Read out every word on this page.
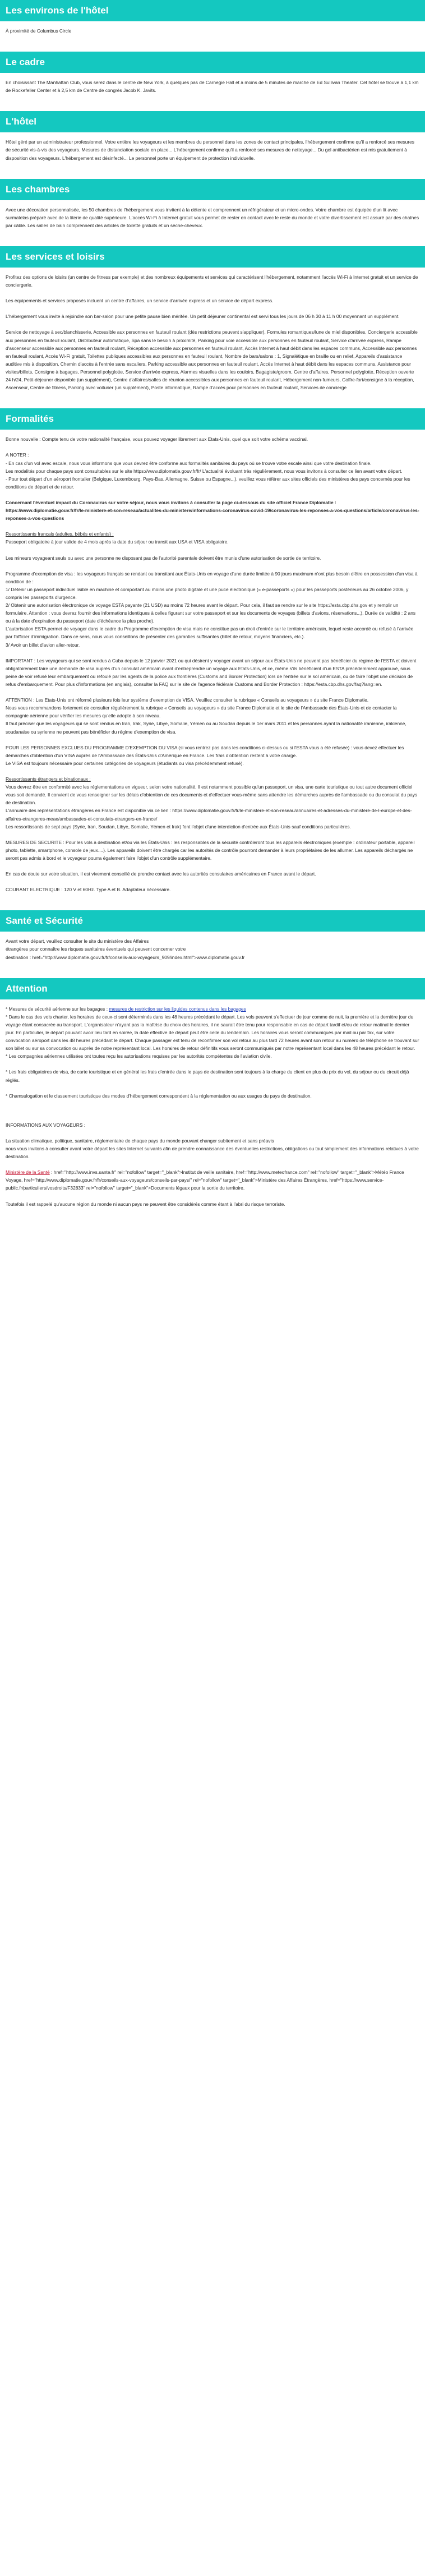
Les environs de l'hôtel

À proximité de Columbus Circle

Le cadre

En choisissant The Manhattan Club, vous serez dans le centre de New York, à quelques pas de Carnegie Hall et à moins de 5 minutes de marche de Ed Sullivan Theater. Cet hôtel se trouve à 1,1 km de Rockefeller Center et à 2,5 km de Centre de congrès Jacob K. Javits.

L'hôtel

Hôtel géré par un administrateur professionnel. Votre entière les voyageurs et les membres du personnel dans les zones de contact principales, l'hébergement confirme qu'il a renforcé ses mesures de sécurité vis-à-vis des voyageurs. Mesures de distanciation sociale en place... L'hébergement confirme qu'il a renforcé ses mesures de nettoyage... Du gel antibactérien est mis gratuitement à disposition des voyageurs. L'hébergement est désinfecté... Le personnel porte un équipement de protection individuelle.

Les chambres

Avec une décoration personnalisée, les 50 chambres de l'hébergement vous invitent à la détente et comprennent un réfrigérateur et un micro-ondes. Votre chambre est équipée d'un lit avec surmatelas préparé avec de la literie de qualité supérieure. L'accès Wi-Fi à Internet gratuit vous permet de rester en contact avec le reste du monde et votre divertissement est assuré par des chaînes par câble. Les salles de bain comprennent des articles de toilette gratuits et un sèche-cheveux.

Les services et loisirs

Profitez des options de loisirs (un centre de fitness par exemple) et des nombreux équipements et services qui caractérisent l'hébergement, notamment l'accès Wi-Fi à Internet gratuit et un service de conciergerie.

Les équipements et services proposés incluent un centre d'affaires, un service d'arrivée express et un service de départ express.

L'hébergement vous invite à rejoindre son bar-salon pour une petite pause bien méritée. Un petit déjeuner continental est servi tous les jours de 06 h 30 à 11 h 00 moyennant un supplément.

Service de nettoyage à sec/blanchisserie, Accessible aux personnes en fauteuil roulant (dès restrictions peuvent s'appliquer), Formules romantiques/lune de miel disponibles, Conciergerie accessible aux personnes en fauteuil roulant, Distributeur automatique, Spa sans le besoin à proximité, Parking pour voie accessible aux personnes en fauteuil roulant, Service d'arrivée express, Rampe d'ascenseur accessible aux personnes en fauteuil roulant, Réception accessible aux personnes en fauteuil roulant, Accès Internet à haut débit dans les espaces communs, Accessible aux personnes en fauteuil roulant, Accès Wi-Fi gratuit, Toilettes publiques accessibles aux personnes en fauteuil roulant, Nombre de bars/salons : 1, Signalétique en braille ou en relief, Appareils d'assistance auditive mis à disposition, Chemin d'accès à l'entrée sans escaliers, Parking accessible aux personnes en fauteuil roulant, Accès Internet à haut débit dans les espaces communs, Assistance pour visites/billets, Consigne à bagages, Personnel polyglotte, Service d'arrivée express, Alarmes visuelles dans les couloirs, Bagagiste/groom, Centre d'affaires, Personnel polyglotte, Réception ouverte 24 h/24, Petit-déjeuner disponible (un supplément), Centre d'affaires/salles de réunion accessibles aux personnes en fauteuil roulant, Hébergement non-fumeurs, Coffre-fort/consigne à la réception, Ascenseur, Centre de fitness, Parking avec voiturier (un supplément), Poste informatique, Rampe d'accès pour personnes en fauteuil roulant, Services de concierge

Formalités

Bonne nouvelle : Compte tenu de votre nationalité française, vous pouvez voyager librement aux Etats-Unis, quel que soit votre schéma vaccinal.

A NOTER :
- En cas d'un vol avec escale, nous vous informons que vous devrez être conforme aux formalités sanitaires du pays où se trouve votre escale ainsi que votre destination finale.
Les modalités pour chaque pays sont consultables sur le site https://www.diplomatie.gouv.fr/fr/ L'actualité évoluant très régulièrement, nous vous invitons à consulter ce lien avant votre départ.
- Pour tout départ d'un aéroport frontalier (Belgique, Luxembourg, Pays-Bas, Allemagne, Suisse ou Espagne...), veuillez vous référer aux sites officiels des ministères des pays concernés pour les conditions de départ et de retour.

Concernant l'éventuel impact du Coronavirus sur votre séjour, nous vous invitons à consulter la page ci-dessous du site officiel France Diplomatie :
https://www.diplomatie.gouv.fr/fr/le-ministere-et-son-reseau/actualites-du-ministere/informations-coronavirus-covid-19/coronavirus-les-reponses-a-vos-questions/article/coronavirus-les-reponses-a-vos-questions

Ressortissants français (adultes, bébés et enfants) :
Passeport obligatoire à jour valide de 4 mois après la date du séjour ou transit aux USA et VISA obligatoire.

Les mineurs voyageant seuls ou avec une personne ne disposant pas de l'autorité parentale doivent être munis d'une autorisation de sortie de territoire.

Programme d'exemption de visa : les voyageurs français se rendant ou transitant aux États-Unis en voyage d'une durée limitée à 90 jours maximum n'ont plus besoin d'être en possession d'un visa à condition de :
1/ Détenir un passeport individuel lisible en machine et comportant au moins une photo digitale et une puce électronique (« e-passeports ») pour les passeports postérieurs au 26 octobre 2006, y compris les passeports d'urgence.
2/ Obtenir une autorisation électronique de voyage ESTA payante (21 USD) au moins 72 heures avant le départ. Pour cela, il faut se rendre sur le site https://esta.cbp.dhs.gov et y remplir un formulaire. Attention : vous devrez fournir des informations identiques à celles figurant sur votre passeport et sur les documents de voyages (billets d'avions, réservations...). Durée de validité : 2 ans ou à la date d'expiration du passeport (date d'échéance la plus proche).
L'autorisation ESTA permet de voyager dans le cadre du Programme d'exemption de visa mais ne constitue pas un droit d'entrée sur le territoire américain, lequel reste accordé ou refusé à l'arrivée par l'officier d'immigration. Dans ce sens, nous vous conseillons de présenter des garanties suffisantes (billet de retour, moyens financiers, etc.).
3/ Avoir un billet d'avion aller-retour.

IMPORTANT : Les voyageurs qui se sont rendus à Cuba depuis le 12 janvier 2021 ou qui désirent y voyager avant un séjour aux États-Unis ne peuvent pas bénéficier du régime de l'ESTA et doivent obligatoirement faire une demande de visa auprès d'un consulat américain avant d'entreprendre un voyage aux Etats-Unis, et ce, même s'ils bénéficient d'un ESTA précédemment approuvé, sous peine de voir refusé leur embarquement ou refoulé par les agents de la police aux frontières (Customs and Border Protection) lors de l'entrée sur le sol américain, ou de faire l'objet une décision de refus d'embarquement. Pour plus d'informations (en anglais), consulter la FAQ sur le site de l'agence fédérale Customs and Border Protection : https://esta.cbp.dhs.gov/faq?lang=en.

ATTENTION : Les Etats-Unis ont réformé plusieurs fois leur système d'exemption de VISA. Veuillez consulter la rubrique « Conseils au voyageurs » du site France Diplomatie.
Nous vous recommandons fortement de consulter régulièrement la rubrique « Conseils au voyageurs » du site France Diplomatie et le site de l'Ambassade des États-Unis et de contacter la compagnie aérienne pour vérifier les mesures qu'elle adopte à son niveau.
Il faut préciser que les voyageurs qui se sont rendus en Iran, Irak, Syrie, Libye, Somalie, Yémen ou au Soudan depuis le 1er mars 2011 et les personnes ayant la nationalité iranienne, irakienne, soudanaise ou syrienne ne peuvent pas bénéficier du régime d'exemption de visa.

POUR LES PERSONNES EXCLUES DU PROGRAMME D'EXEMPTION DU VISA (si vous rentrez pas dans les conditions ci-dessus ou si l'ESTA vous a été refusée) : vous devez effectuer les démarches d'obtention d'un VISA auprès de l'Ambassade des États-Unis d'Amérique en France. Les frais d'obtention restent à votre charge.
Le VISA est toujours nécessaire pour certaines catégories de voyageurs (étudiants ou visa précédemment refusé).

Ressortissants étrangers et binationaux :
Vous devrez être en conformité avec les réglementations en vigueur, selon votre nationalité. Il est notamment possible qu'un passeport, un visa, une carte touristique ou tout autre document officiel vous soit demandé. Il convient de vous renseigner sur les délais d'obtention de ces documents et d'effectuer vous-même sans attendre les démarches auprès de l'ambassade ou du consulat du pays de destination.
L'annuaire des représentations étrangères en France est disponible via ce lien : https://www.diplomatie.gouv.fr/fr/le-ministere-et-son-reseau/annuaires-et-adresses-du-ministere-de-l-europe-et-des-affaires-etrangeres-meae/ambassades-et-consulats-etrangers-en-france/
Les ressortissants de sept pays (Syrie, Iran, Soudan, Libye, Somalie, Yémen et Irak) font l'objet d'une interdiction d'entrée aux États-Unis sauf conditions particulières.

MESURES DE SECURITE : Pour les vols à destination et/ou via les États-Unis : les responsables de la sécurité contrôleront tous les appareils électroniques (exemple : ordinateur portable, appareil photo, tablette, smartphone, console de jeux....). Les appareils doivent être chargés car les autorités de contrôle pourront demander à leurs propriétaires de les allumer. Les appareils déchargés ne seront pas admis à bord et le voyageur pourra également faire l'objet d'un contrôle supplémentaire.

En cas de doute sur votre situation, il est vivement conseillé de prendre contact avec les autorités consulaires américaines en France avant le départ.

COURANT ELECTRIQUE : 120 V et 60Hz. Type A et B. Adaptateur nécessaire.

Santé et Sécurité

Avant votre départ, veuillez consulter le site du ministère des Affaires
étrangères pour connaître les risques sanitaires éventuels qui peuvent concerner votre
destination : href="http://www.diplomatie.gouv.fr/fr/conseils-aux-voyageurs_909/index.html">www.diplomatie.gouv.fr

Attention

* Mesures de sécurité aérienne sur les bagages : mesures de restriction sur les liquides contenus dans les bagages
* Dans le cas des vols charter, les horaires de ceux-ci sont déterminés dans les 48 heures précédant le départ. Les vols peuvent s'effectuer de jour comme de nuit, la première et la dernière jour du voyage étant consacrée au transport. L'organisateur n'ayant pas la maîtrise du choix des horaires, il ne saurait être tenu pour responsable en cas de départ tardif et/ou de retour matinal le dernier jour. En particulier, le départ pouvant avoir lieu tard en soirée, la date effective de départ peut être celle du lendemain. Les horaires vous seront communiqués par mail ou par fax, sur votre convocation aéroport dans les 48 heures précédant le départ. Chaque passager est tenu de reconfirmer son vol retour au plus tard 72 heures avant son retour au numéro de téléphone se trouvant sur son billet ou sur sa convocation ou auprès de notre représentant local. Les horaires de retour définitifs vous seront communiqués par notre représentant local dans les 48 heures précédant le retour.
* Les compagnies aériennes utilisées ont toutes reçu les autorisations requises par les autorités compétentes de l'aviation civile.

* Les frais obligatoires de visa, de carte touristique et en général les frais d'entrée dans le pays de destination sont toujours à la charge du client en plus du prix du vol, du séjour ou du circuit déjà réglés.

* Chamsulogation et le classement touristique des modes d'hébergement correspondent à la réglementation ou aux usages du pays de destination.

INFORMATIONS AUX VOYAGEURS :

La situation climatique, politique, sanitaire, réglementaire de chaque pays du monde pouvant changer subitement et sans préavis
nous vous invitons à consulter avant votre départ les sites Internet suivants afin de prendre connaissance des éventuelles restrictions, obligations ou tout simplement des informations relatives à votre destination.

Ministère de la Santé : href="http://www.invs.sante.fr" rel="nofollow" target="_blank">Institut de veille sanitaire, href="http://www.meteofrance.com" rel="nofollow" target="_blank">Météo France Voyage, href="http://www.diplomatie.gouv.fr/fr/conseils-aux-voyageurs/conseils-par-pays/" rel="nofollow" target="_blank">Ministère des Affaires Étrangères, href="https://www.service-public.fr/particuliers/vosdroits/F32833" rel="nofollow" target="_blank">Documents légaux pour la sortie du territoire.

Toutefois il est rappelé qu'aucune région du monde ni aucun pays ne peuvent être considérés comme étant à l'abri du risque terroriste.
